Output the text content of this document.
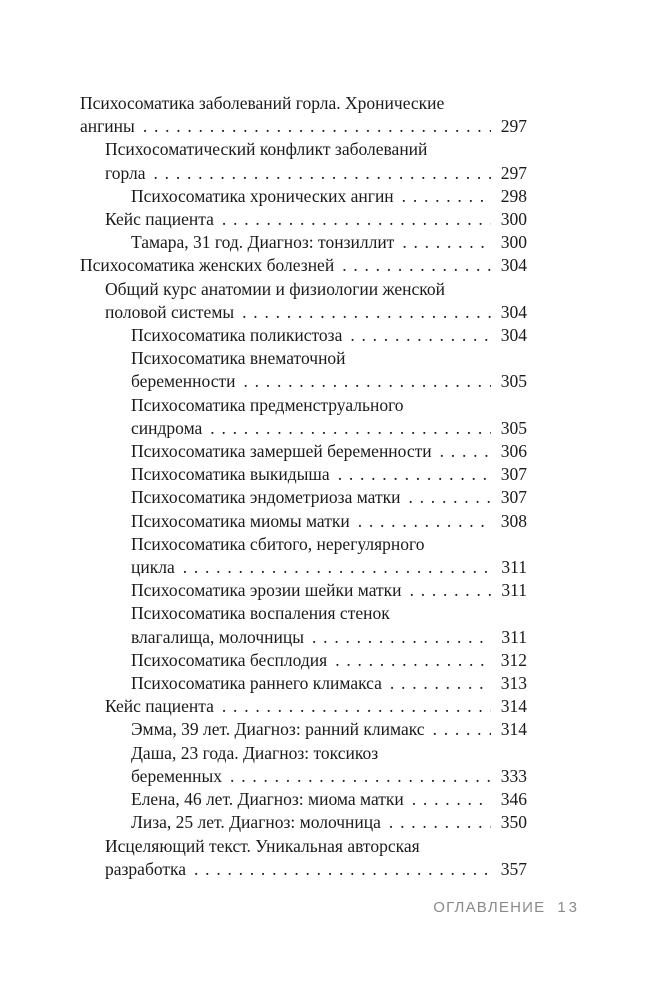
Психосоматика заболеваний горла. Хронические
ангины . . .	297
Психосоматический конфликт заболеваний
горла . . .	297
Психосоматика хронических ангин . . .	298
Кейс пациента . . .	300
Тамара, 31 год. Диагноз: тонзиллит . . .	300
Психосоматика женских болезней . . .	304
Общий курс анатомии и физиологии женской
половой системы . . .	304
Психосоматика поликистоза . . .	304
Психосоматика внематочной
беременности . . .	305
Психосоматика предменструального
синдрома . . .	305
Психосоматика замершей беременности . . .	306
Психосоматика выкидыша . . .	307
Психосоматика эндометриоза матки . . .	307
Психосоматика миомы матки . . .	308
Психосоматика сбитого, нерегулярного
цикла . . .	311
Психосоматика эрозии шейки матки . . .	311
Психосоматика воспаления стенок
влагалища, молочницы . . .	311
Психосоматика бесплодия . . .	312
Психосоматика раннего климакса . . .	313
Кейс пациента . . .	314
Эмма, 39 лет. Диагноз: ранний климакс . . .	314
Даша, 23 года. Диагноз: токсикоз
беременных . . .	333
Елена, 46 лет. Диагноз: миома матки . . .	346
Лиза, 25 лет. Диагноз: молочница . . .	350
Исцеляющий текст. Уникальная авторская
разработка . . .	357
ОГЛАВЛЕНИЕ 13
